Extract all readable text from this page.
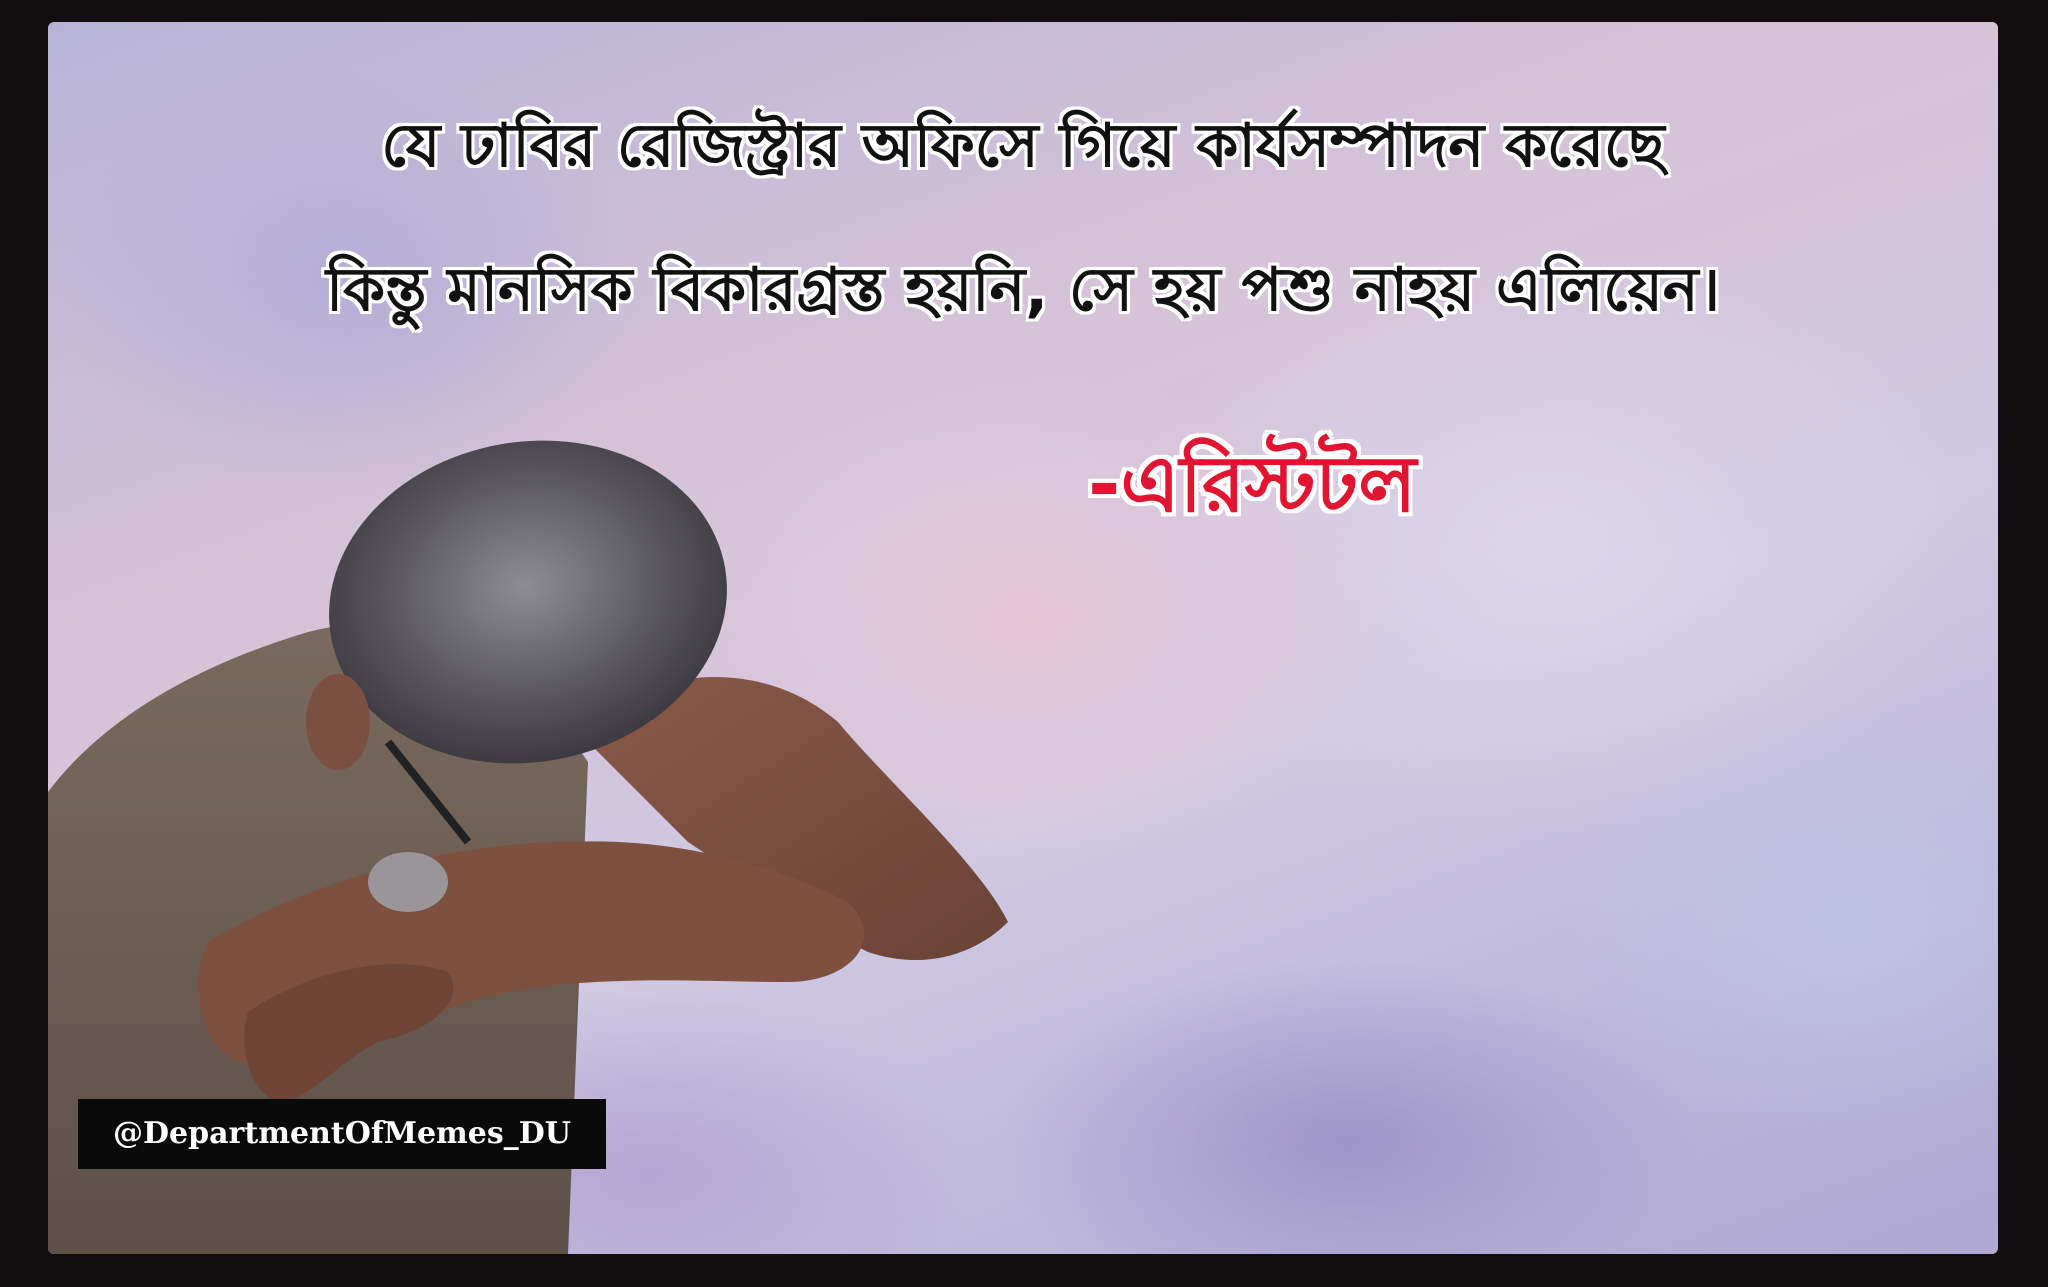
যে ঢাবির রেজিস্ট্রার অফিসে গিয়ে কার্যসম্পাদন করেছে
কিন্তু মানসিক বিকারগ্রস্ত হয়নি, সে হয় পশু নাহয় এলিয়েন।
-এরিস্টটল
@DepartmentOfMemes_DU
